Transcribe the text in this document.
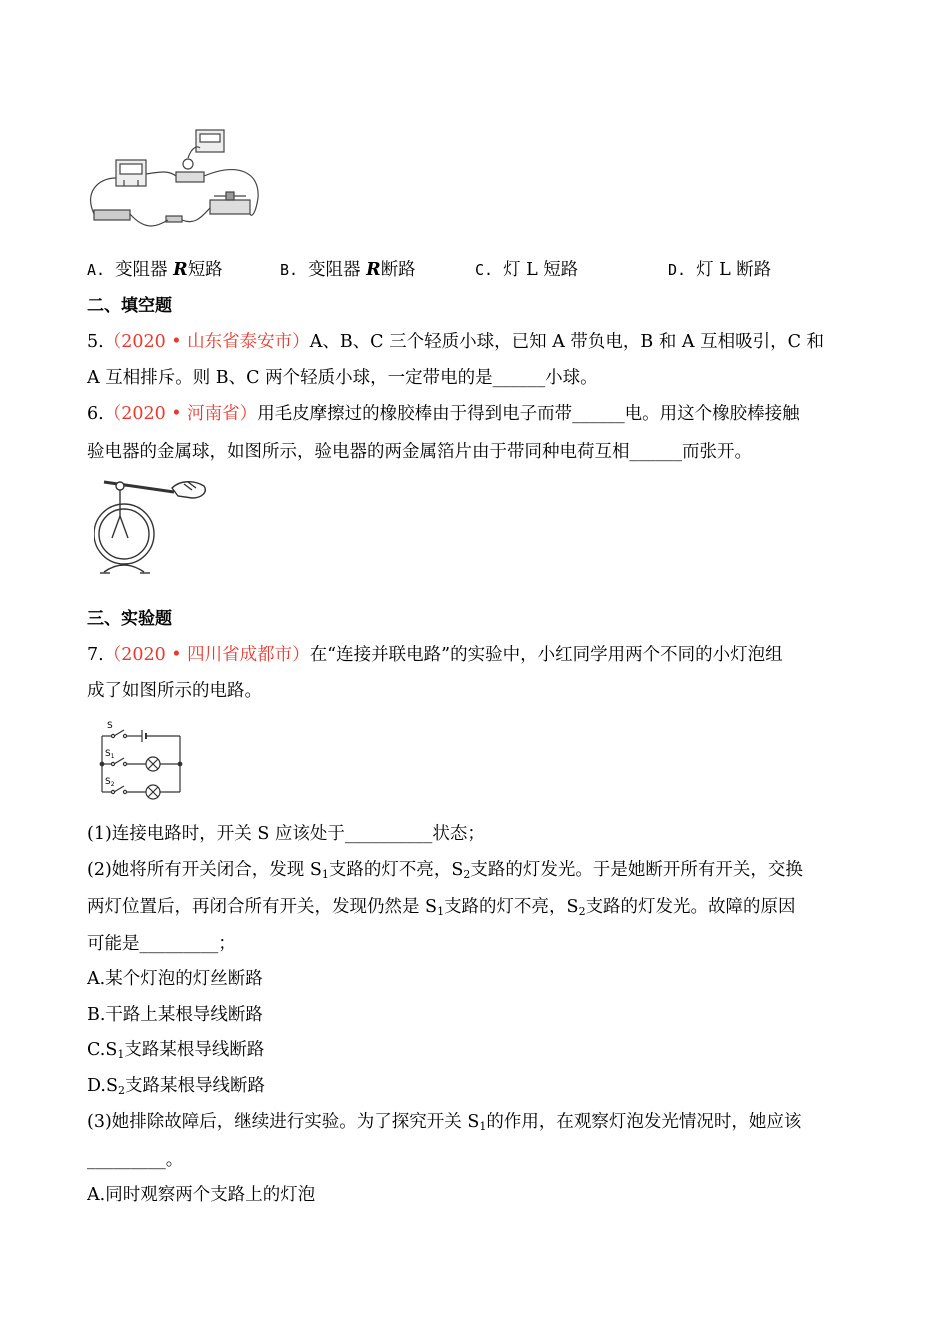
A. 变阻器 R短路	B. 变阻器 R断路	C. 灯 L 短路	D. 灯 L 断路
二、填空题
5.（2020 • 山东省泰安市）A、B、C 三个轻质小球，已知 A 带负电，B 和 A 互相吸引，C 和
A 互相排斥。则 B、C 两个轻质小球，一定带电的是______小球。
6.（2020 • 河南省）用毛皮摩擦过的橡胶棒由于得到电子而带______电。用这个橡胶棒接触
验电器的金属球，如图所示，验电器的两金属箔片由于带同种电荷互相______而张开。
三、实验题
7.（2020 • 四川省成都市）在“连接并联电路”的实验中，小红同学用两个不同的小灯泡组
成了如图所示的电路。
S
$S_1$
$S_2$
(1)连接电路时，开关 S 应该处于__________状态；
(2)她将所有开关闭合，发现 $S_1$支路的灯不亮，$S_2$支路的灯发光。于是她断开所有开关，交换
两灯位置后，再闭合所有开关，发现仍然是 $S_1$支路的灯不亮，$S_2$支路的灯发光。故障的原因
可能是_________；
A.某个灯泡的灯丝断路
B.干路上某根导线断路
$C.S_1$支路某根导线断路
$D.S_2$支路某根导线断路
(3)她排除故障后，继续进行实验。为了探究开关 $S_1$的作用，在观察灯泡发光情况时，她应该
_________。
A.同时观察两个支路上的灯泡
